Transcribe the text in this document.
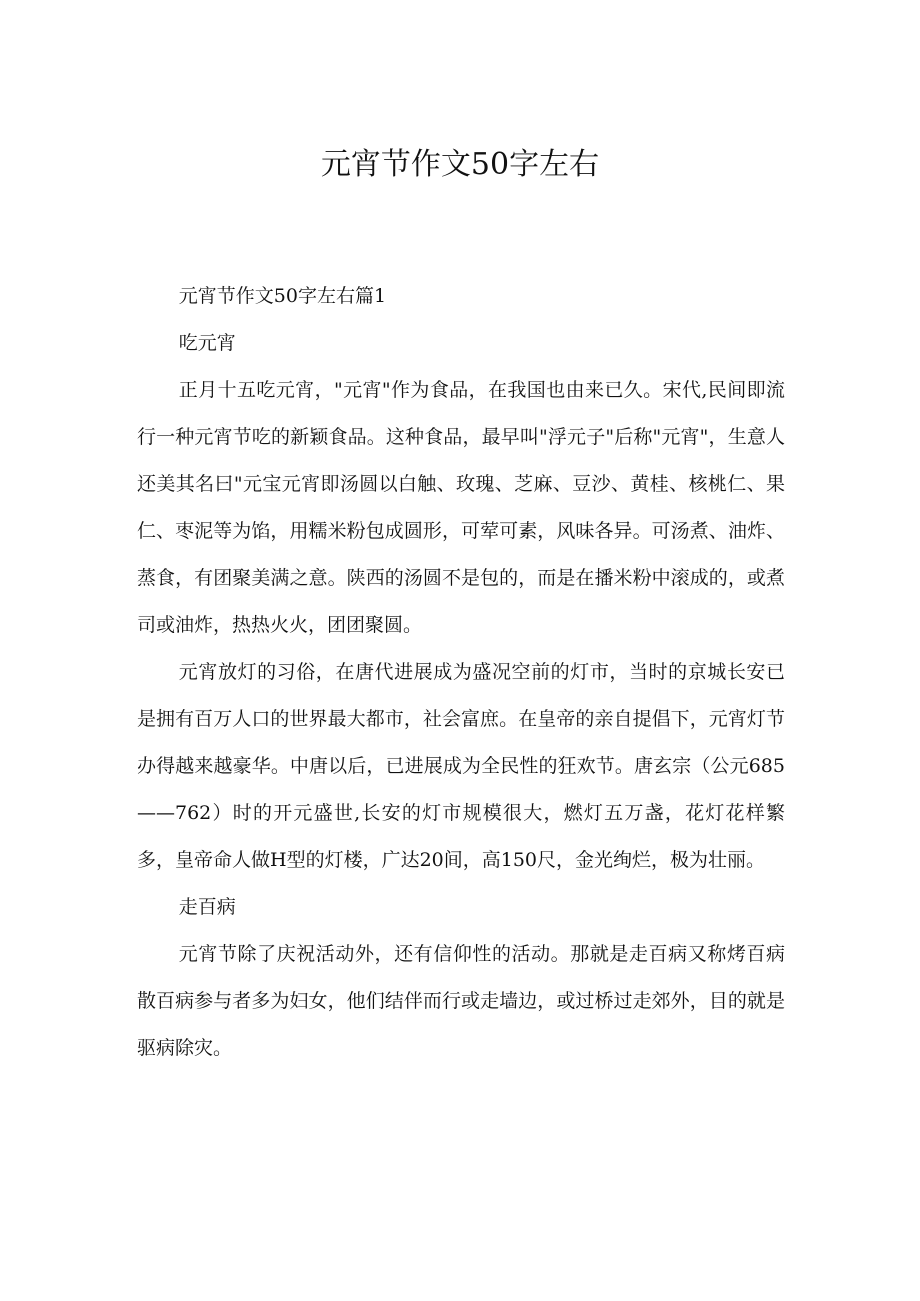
元宵节作文50字左右

元宵节作文50字左右篇1

吃元宵

正月十五吃元宵，"元宵"作为食品，在我国也由来已久。宋代,民间即流行一种元宵节吃的新颖食品。这种食品，最早叫"浮元子"后称"元宵"，生意人还美其名曰"元宝元宵即汤圆以白触、玫瑰、芝麻、豆沙、黄桂、核桃仁、果仁、枣泥等为馅，用糯米粉包成圆形，可荤可素，风味各异。可汤煮、油炸、蒸食，有团聚美满之意。陕西的汤圆不是包的，而是在播米粉中滚成的，或煮司或油炸，热热火火，团团聚圆。

元宵放灯的习俗，在唐代进展成为盛况空前的灯市，当时的京城长安已是拥有百万人口的世界最大都市，社会富庶。在皇帝的亲自提倡下，元宵灯节办得越来越豪华。中唐以后，已进展成为全民性的狂欢节。唐玄宗（公元685——762）时的开元盛世,长安的灯市规模很大，燃灯五万盏，花灯花样繁多，皇帝命人做H型的灯楼，广达20间，高150尺，金光绚烂，极为壮丽。

走百病

元宵节除了庆祝活动外，还有信仰性的活动。那就是走百病又称烤百病散百病参与者多为妇女，他们结伴而行或走墙边，或过桥过走郊外，目的就是驱病除灾。
